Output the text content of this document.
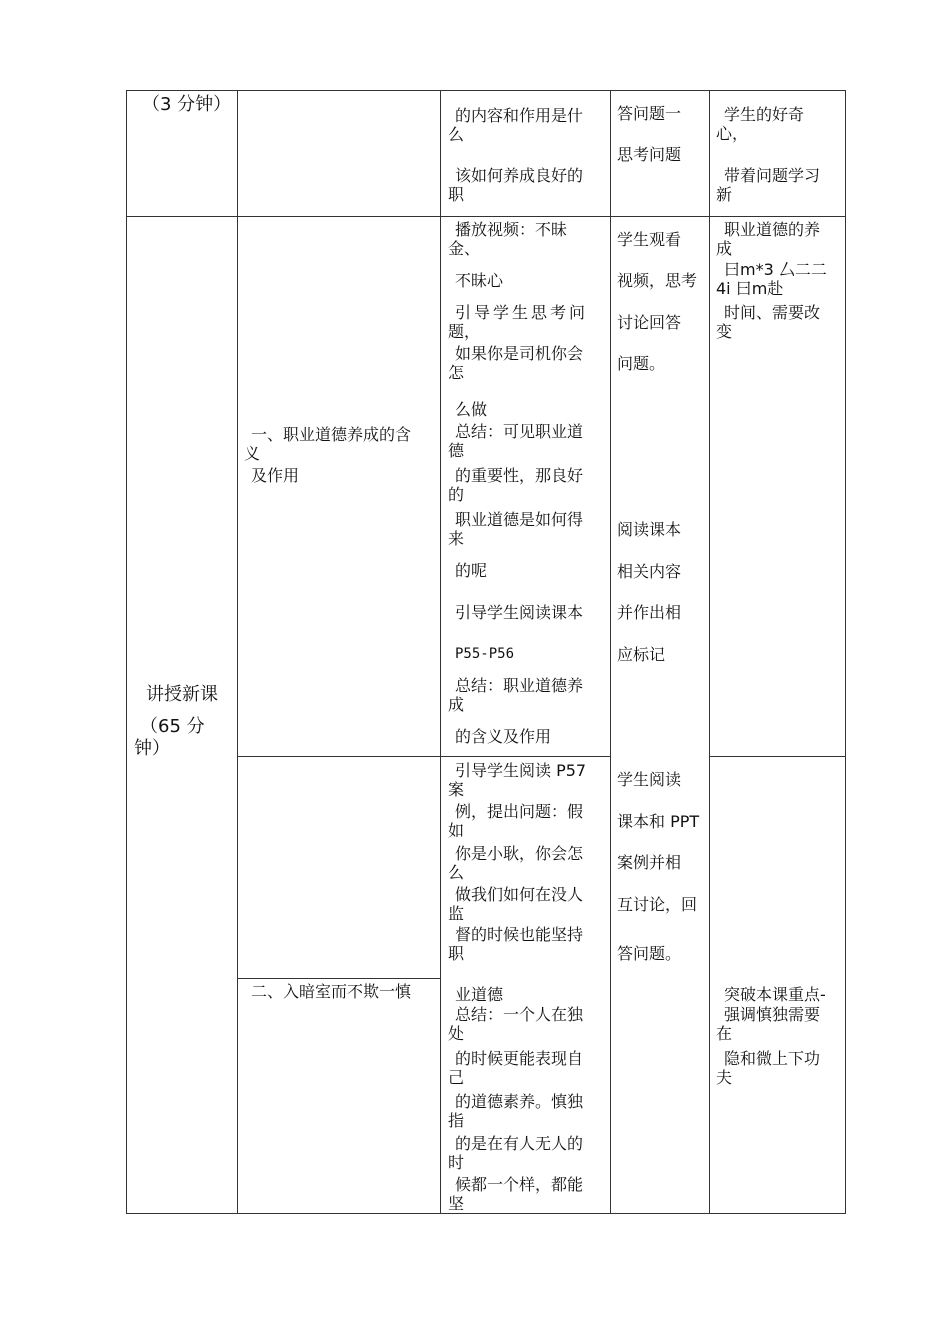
（3 分钟）
的内容和作用是什
么
该如何养成良好的
职
答问题一
思考问题
学生的好奇
心，
带着问题学习
新
讲授新课
（65 分
钟）
一、职业道德养成的含
义
及作用
二、入暗室而不欺一慎
播放视频：不昧
金、
不昧心
引导学生思考问
题，
如果你是司机你会
怎
么做
总结：可见职业道
德
的重要性，那良好
的
职业道德是如何得
来
的呢
引导学生阅读课本
P55-P56
总结：职业道德养
成
的含义及作用
引导学生阅读 P57
案
例，提出问题：假
如
你是小耿，你会怎
么
做我们如何在没人
监
督的时候也能坚持
职
业道德
总结：一个人在独
处
的时候更能表现自
己
的道德素养。慎独
指
的是在有人无人的
时
候都一个样，都能
坚
学生观看
视频，思考
讨论回答
问题。
阅读课本
相关内容
并作出相
应标记
学生阅读
课本和 PPT
案例并相
互讨论，回
答问题。
职业道德的养
成
曰m*3 厶二二
4i 曰m赴
时间、需要改
变
突破本课重点-
强调慎独需要
在
隐和微上下功
夫
